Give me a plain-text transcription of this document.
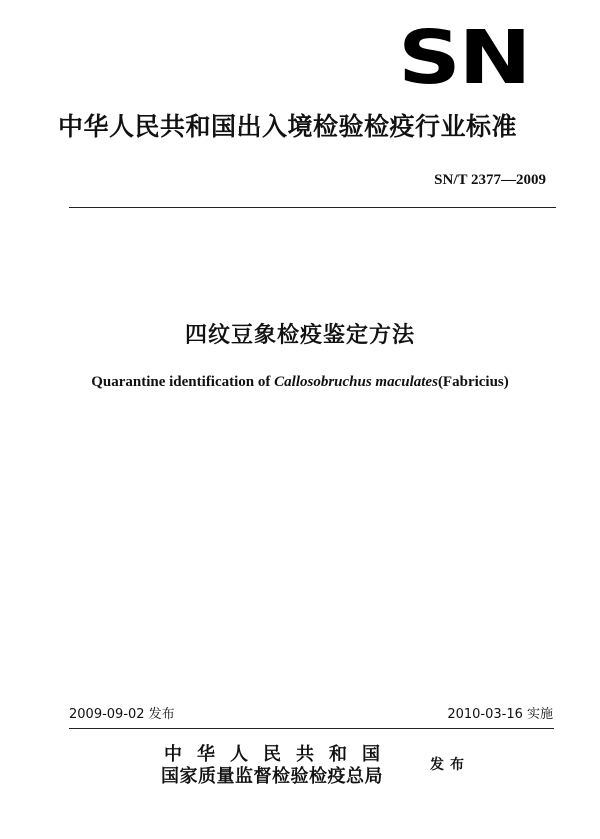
SN
中华人民共和国出入境检验检疫行业标准
SN/T 2377—2009
四纹豆象检疫鉴定方法
Quarantine identification of Callosobruchus maculates(Fabricius)
2009-09-02 发布	2010-03-16 实施
中华人民共和国
国家质量监督检验检疫总局
发布
